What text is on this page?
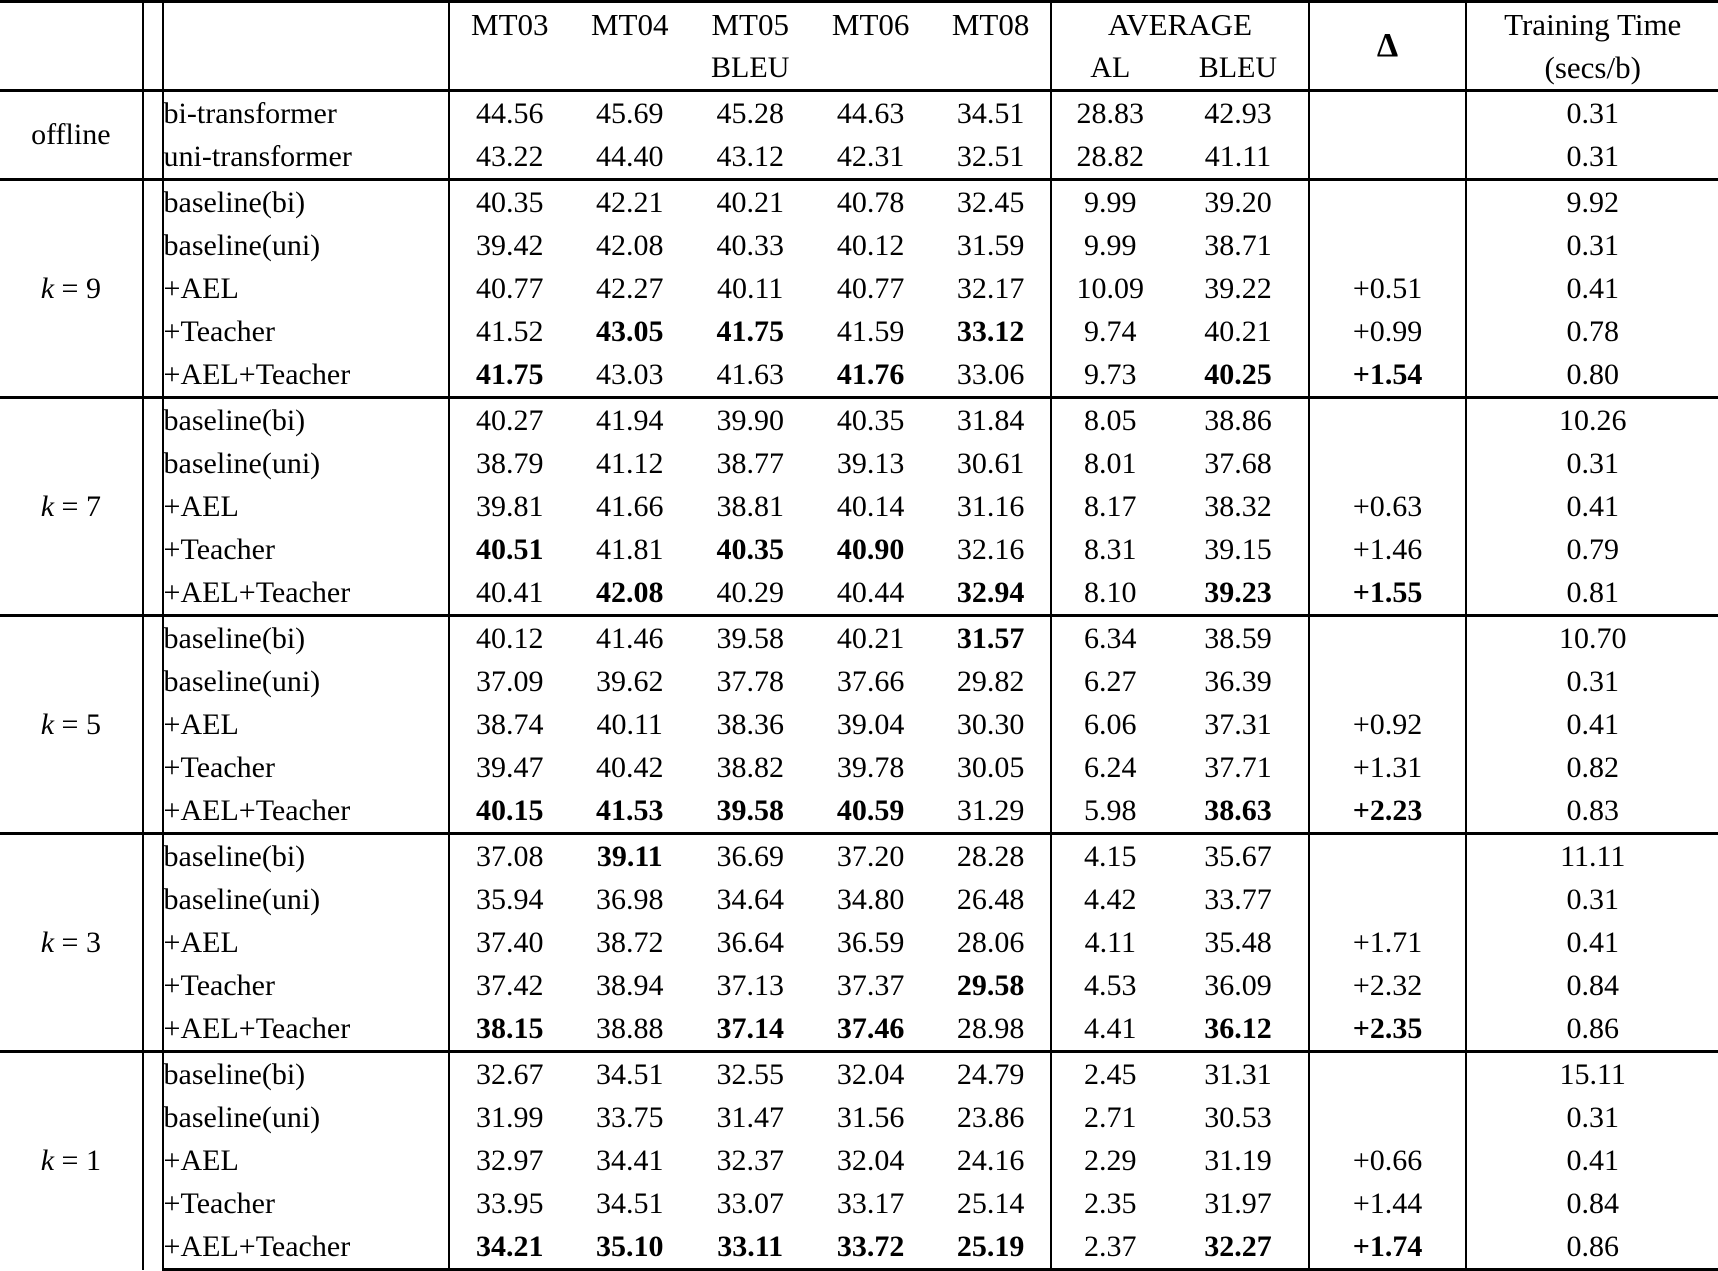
			MT03	MT04	MT05	MT06	MT08	AVERAGE		Δ	Training Time
					BLEU			AL	BLEU		(secs/b)
offline		bi-transformer	44.56	45.69	45.28	44.63	34.51	28.83	42.93		0.31
		uni-transformer	43.22	44.40	43.12	42.31	32.51	28.82	41.11		0.31
k = 9		baseline(bi)	40.35	42.21	40.21	40.78	32.45	9.99	39.20		9.92
		baseline(uni)	39.42	42.08	40.33	40.12	31.59	9.99	38.71		0.31
		+AEL	40.77	42.27	40.11	40.77	32.17	10.09	39.22	+0.51	0.41
		+Teacher	41.52	43.05	41.75	41.59	33.12	9.74	40.21	+0.99	0.78
		+AEL+Teacher	41.75	43.03	41.63	41.76	33.06	9.73	40.25	+1.54	0.80
k = 7		baseline(bi)	40.27	41.94	39.90	40.35	31.84	8.05	38.86		10.26
		baseline(uni)	38.79	41.12	38.77	39.13	30.61	8.01	37.68		0.31
		+AEL	39.81	41.66	38.81	40.14	31.16	8.17	38.32	+0.63	0.41
		+Teacher	40.51	41.81	40.35	40.90	32.16	8.31	39.15	+1.46	0.79
		+AEL+Teacher	40.41	42.08	40.29	40.44	32.94	8.10	39.23	+1.55	0.81
k = 5		baseline(bi)	40.12	41.46	39.58	40.21	31.57	6.34	38.59		10.70
		baseline(uni)	37.09	39.62	37.78	37.66	29.82	6.27	36.39		0.31
		+AEL	38.74	40.11	38.36	39.04	30.30	6.06	37.31	+0.92	0.41
		+Teacher	39.47	40.42	38.82	39.78	30.05	6.24	37.71	+1.31	0.82
		+AEL+Teacher	40.15	41.53	39.58	40.59	31.29	5.98	38.63	+2.23	0.83
k = 3		baseline(bi)	37.08	39.11	36.69	37.20	28.28	4.15	35.67		11.11
		baseline(uni)	35.94	36.98	34.64	34.80	26.48	4.42	33.77		0.31
		+AEL	37.40	38.72	36.64	36.59	28.06	4.11	35.48	+1.71	0.41
		+Teacher	37.42	38.94	37.13	37.37	29.58	4.53	36.09	+2.32	0.84
		+AEL+Teacher	38.15	38.88	37.14	37.46	28.98	4.41	36.12	+2.35	0.86
k = 1		baseline(bi)	32.67	34.51	32.55	32.04	24.79	2.45	31.31		15.11
		baseline(uni)	31.99	33.75	31.47	31.56	23.86	2.71	30.53		0.31
		+AEL	32.97	34.41	32.37	32.04	24.16	2.29	31.19	+0.66	0.41
		+Teacher	33.95	34.51	33.07	33.17	25.14	2.35	31.97	+1.44	0.84
		+AEL+Teacher	34.21	35.10	33.11	33.72	25.19	2.37	32.27	+1.74	0.86
